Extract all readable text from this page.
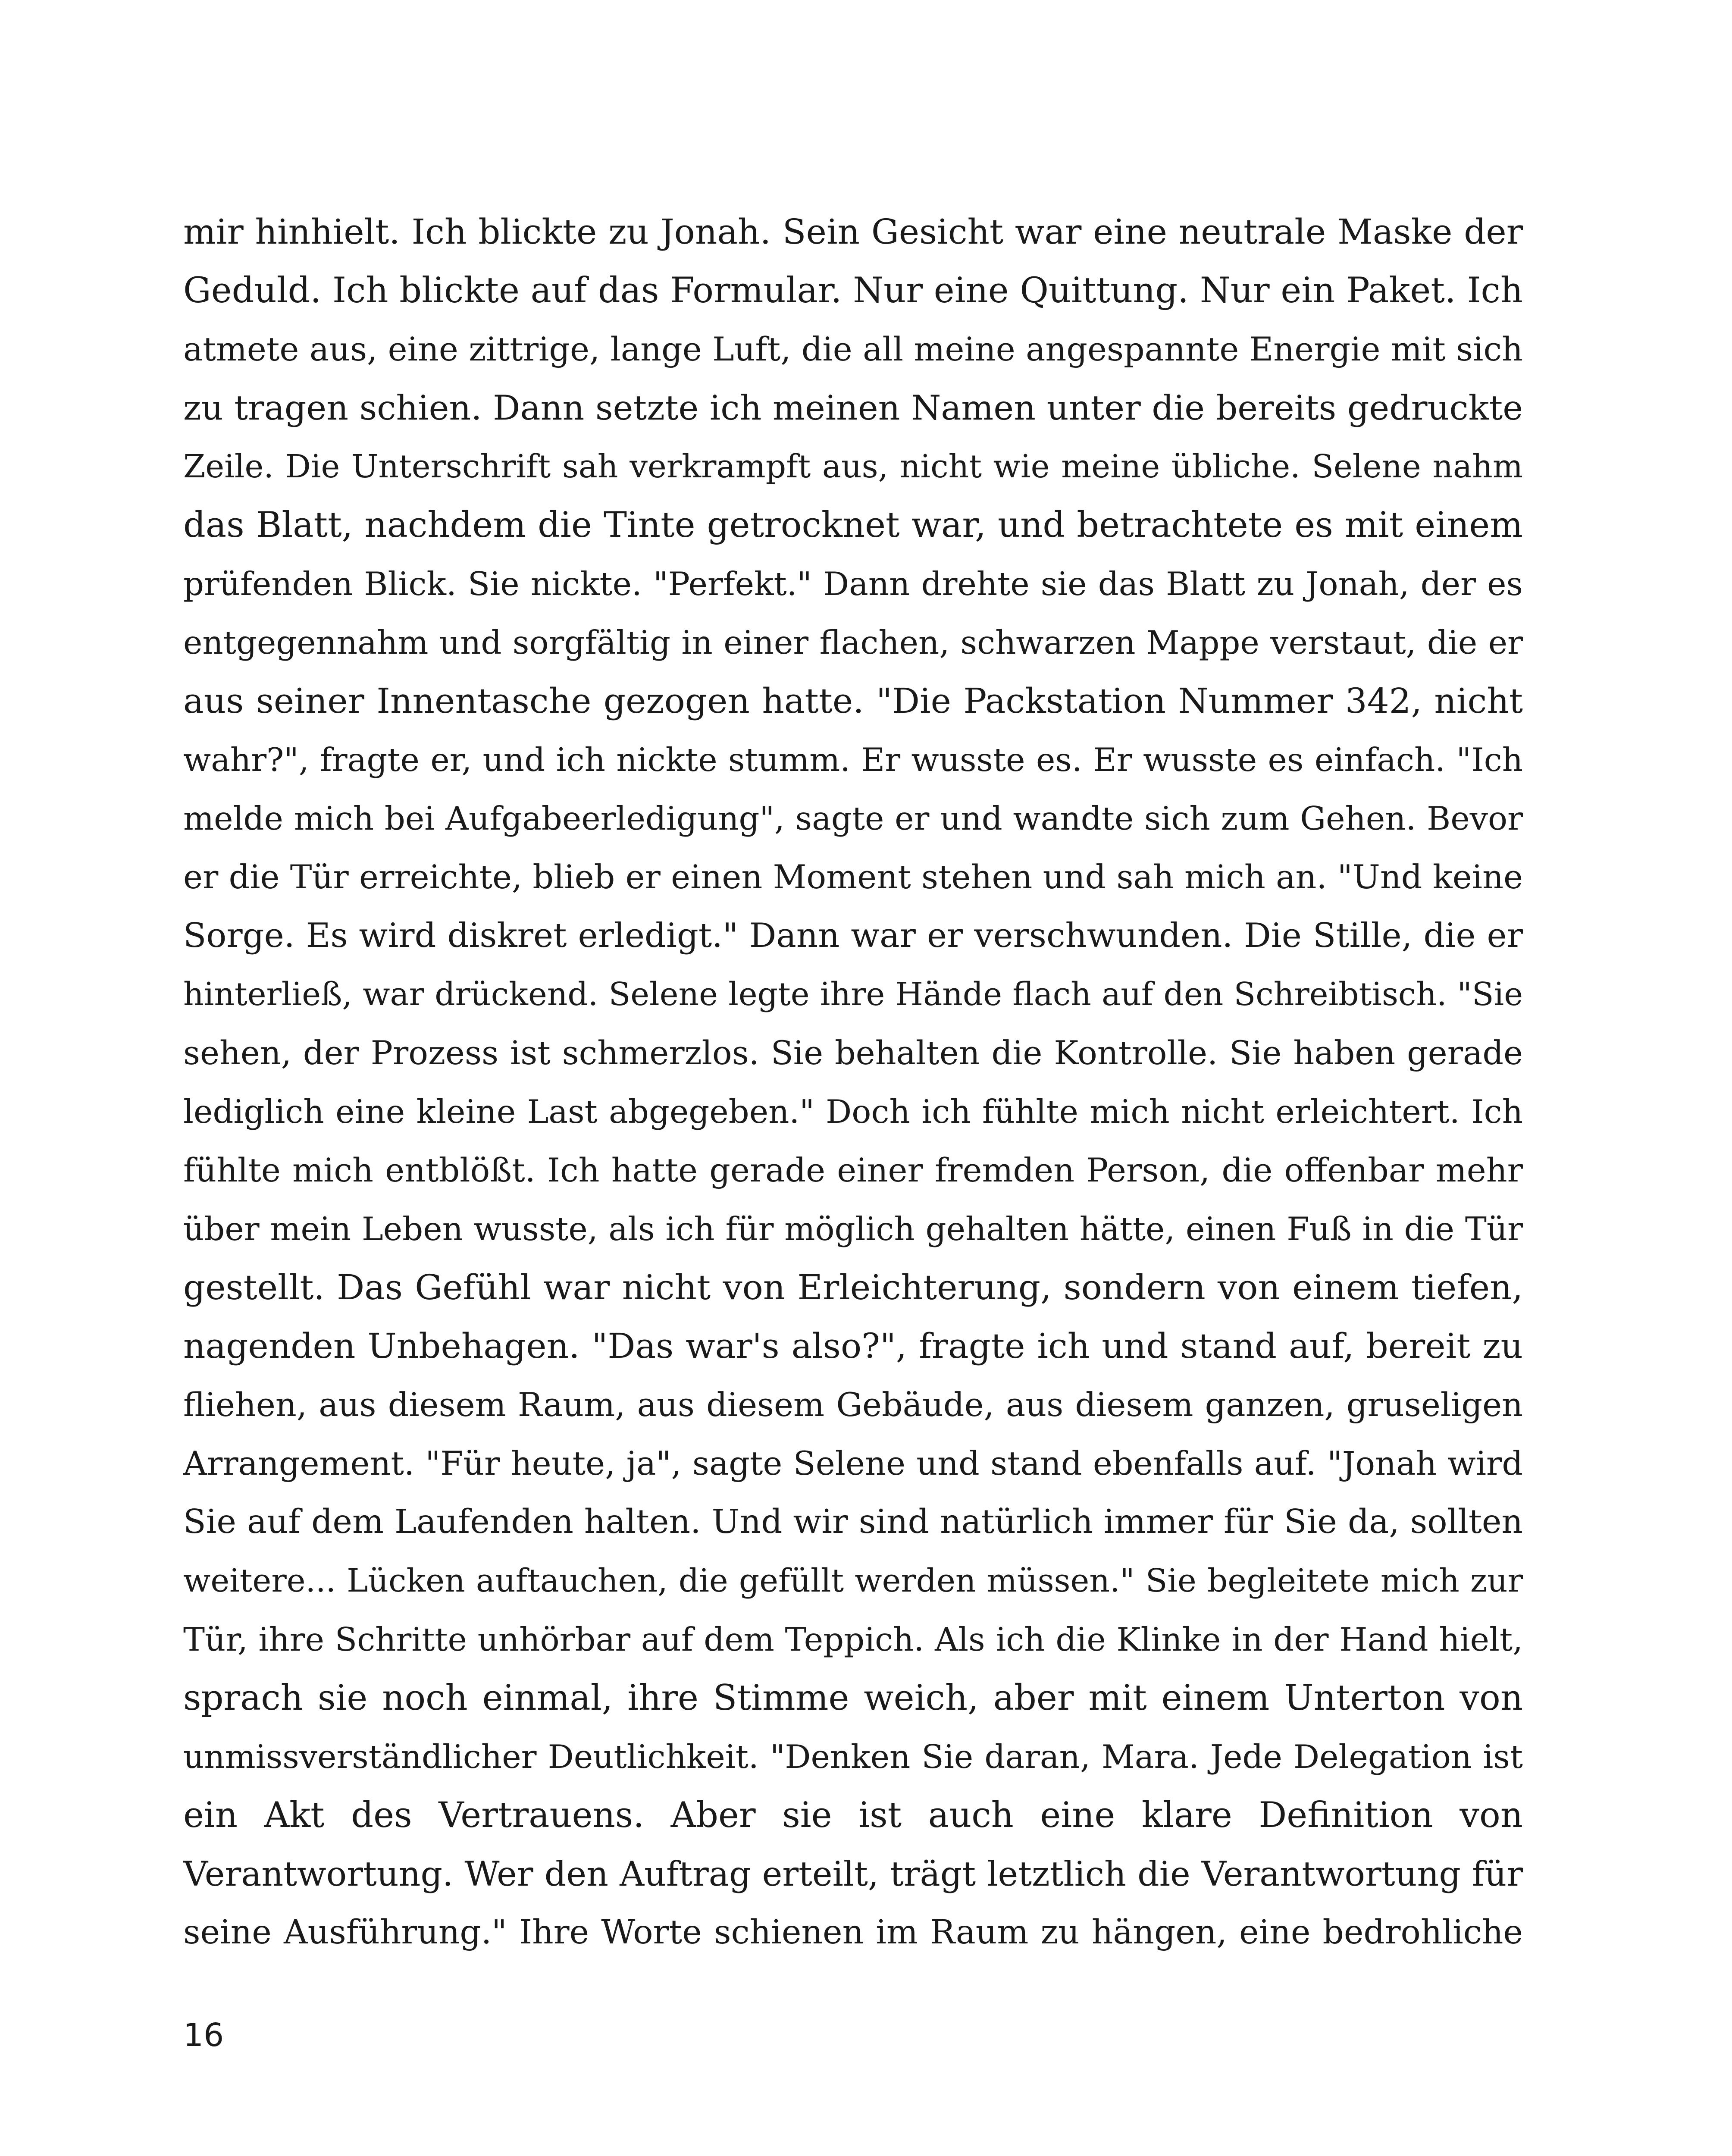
mir hinhielt. Ich blickte zu Jonah. Sein Gesicht war eine neutrale Maske der
Geduld. Ich blickte auf das Formular. Nur eine Quittung. Nur ein Paket. Ich
atmete aus, eine zittrige, lange Luft, die all meine angespannte Energie mit sich
zu tragen schien. Dann setzte ich meinen Namen unter die bereits gedruckte
Zeile. Die Unterschrift sah verkrampft aus, nicht wie meine übliche. Selene nahm
das Blatt, nachdem die Tinte getrocknet war, und betrachtete es mit einem
prüfenden Blick. Sie nickte. "Perfekt." Dann drehte sie das Blatt zu Jonah, der es
entgegennahm und sorgfältig in einer flachen, schwarzen Mappe verstaut, die er
aus seiner Innentasche gezogen hatte. "Die Packstation Nummer 342, nicht
wahr?", fragte er, und ich nickte stumm. Er wusste es. Er wusste es einfach. "Ich
melde mich bei Aufgabeerledigung", sagte er und wandte sich zum Gehen. Bevor
er die Tür erreichte, blieb er einen Moment stehen und sah mich an. "Und keine
Sorge. Es wird diskret erledigt." Dann war er verschwunden. Die Stille, die er
hinterließ, war drückend. Selene legte ihre Hände flach auf den Schreibtisch. "Sie
sehen, der Prozess ist schmerzlos. Sie behalten die Kontrolle. Sie haben gerade
lediglich eine kleine Last abgegeben." Doch ich fühlte mich nicht erleichtert. Ich
fühlte mich entblößt. Ich hatte gerade einer fremden Person, die offenbar mehr
über mein Leben wusste, als ich für möglich gehalten hätte, einen Fuß in die Tür
gestellt. Das Gefühl war nicht von Erleichterung, sondern von einem tiefen,
nagenden Unbehagen. "Das war's also?", fragte ich und stand auf, bereit zu
fliehen, aus diesem Raum, aus diesem Gebäude, aus diesem ganzen, gruseligen
Arrangement. "Für heute, ja", sagte Selene und stand ebenfalls auf. "Jonah wird
Sie auf dem Laufenden halten. Und wir sind natürlich immer für Sie da, sollten
weitere... Lücken auftauchen, die gefüllt werden müssen." Sie begleitete mich zur
Tür, ihre Schritte unhörbar auf dem Teppich. Als ich die Klinke in der Hand hielt,
sprach sie noch einmal, ihre Stimme weich, aber mit einem Unterton von
unmissverständlicher Deutlichkeit. "Denken Sie daran, Mara. Jede Delegation ist
ein Akt des Vertrauens. Aber sie ist auch eine klare Definition von
Verantwortung. Wer den Auftrag erteilt, trägt letztlich die Verantwortung für
seine Ausführung." Ihre Worte schienen im Raum zu hängen, eine bedrohliche
16
